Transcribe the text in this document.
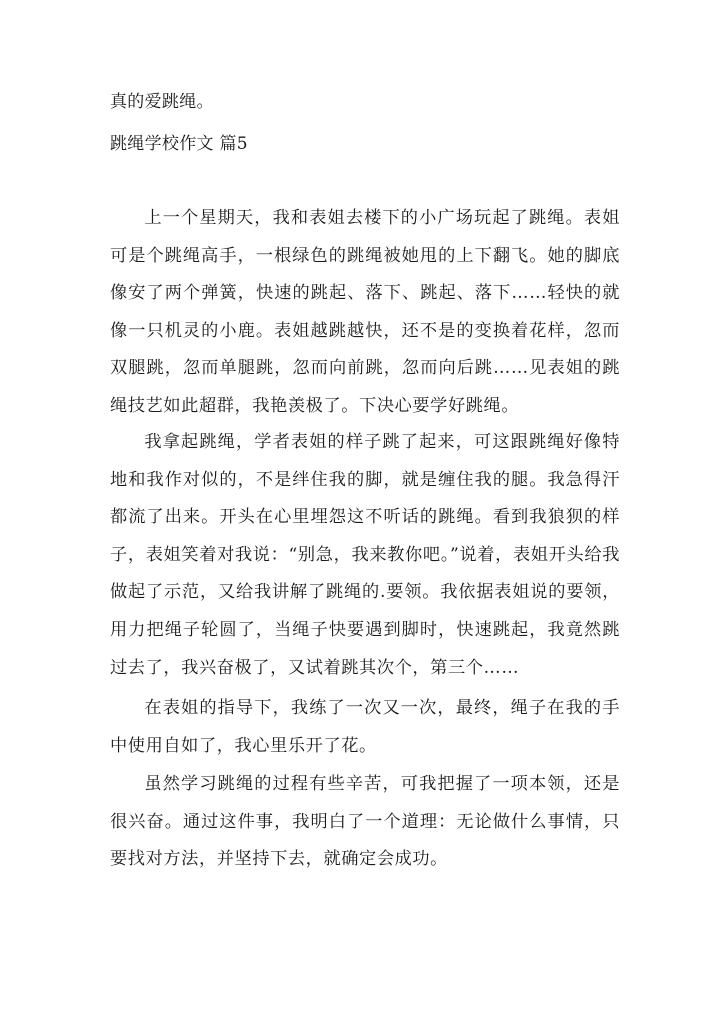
真的爱跳绳。
跳绳学校作文 篇5

上一个星期天，我和表姐去楼下的小广场玩起了跳绳。表姐可是个跳绳高手，一根绿色的跳绳被她甩的上下翻飞。她的脚底像安了两个弹簧，快速的跳起、落下、跳起、落下……轻快的就像一只机灵的小鹿。表姐越跳越快，还不是的变换着花样，忽而双腿跳，忽而单腿跳，忽而向前跳，忽而向后跳……见表姐的跳绳技艺如此超群，我艳羡极了。下决心要学好跳绳。

我拿起跳绳，学者表姐的样子跳了起来，可这跟跳绳好像特地和我作对似的，不是绊住我的脚，就是缠住我的腿。我急得汗都流了出来。开头在心里埋怨这不听话的跳绳。看到我狼狈的样子，表姐笑着对我说：“别急，我来教你吧。”说着，表姐开头给我做起了示范，又给我讲解了跳绳的.要领。我依据表姐说的要领，用力把绳子轮圆了，当绳子快要遇到脚时，快速跳起，我竟然跳过去了，我兴奋极了，又试着跳其次个，第三个……

在表姐的指导下，我练了一次又一次，最终，绳子在我的手中使用自如了，我心里乐开了花。

虽然学习跳绳的过程有些辛苦，可我把握了一项本领，还是很兴奋。通过这件事，我明白了一个道理：无论做什么事情，只要找对方法，并坚持下去，就确定会成功。
